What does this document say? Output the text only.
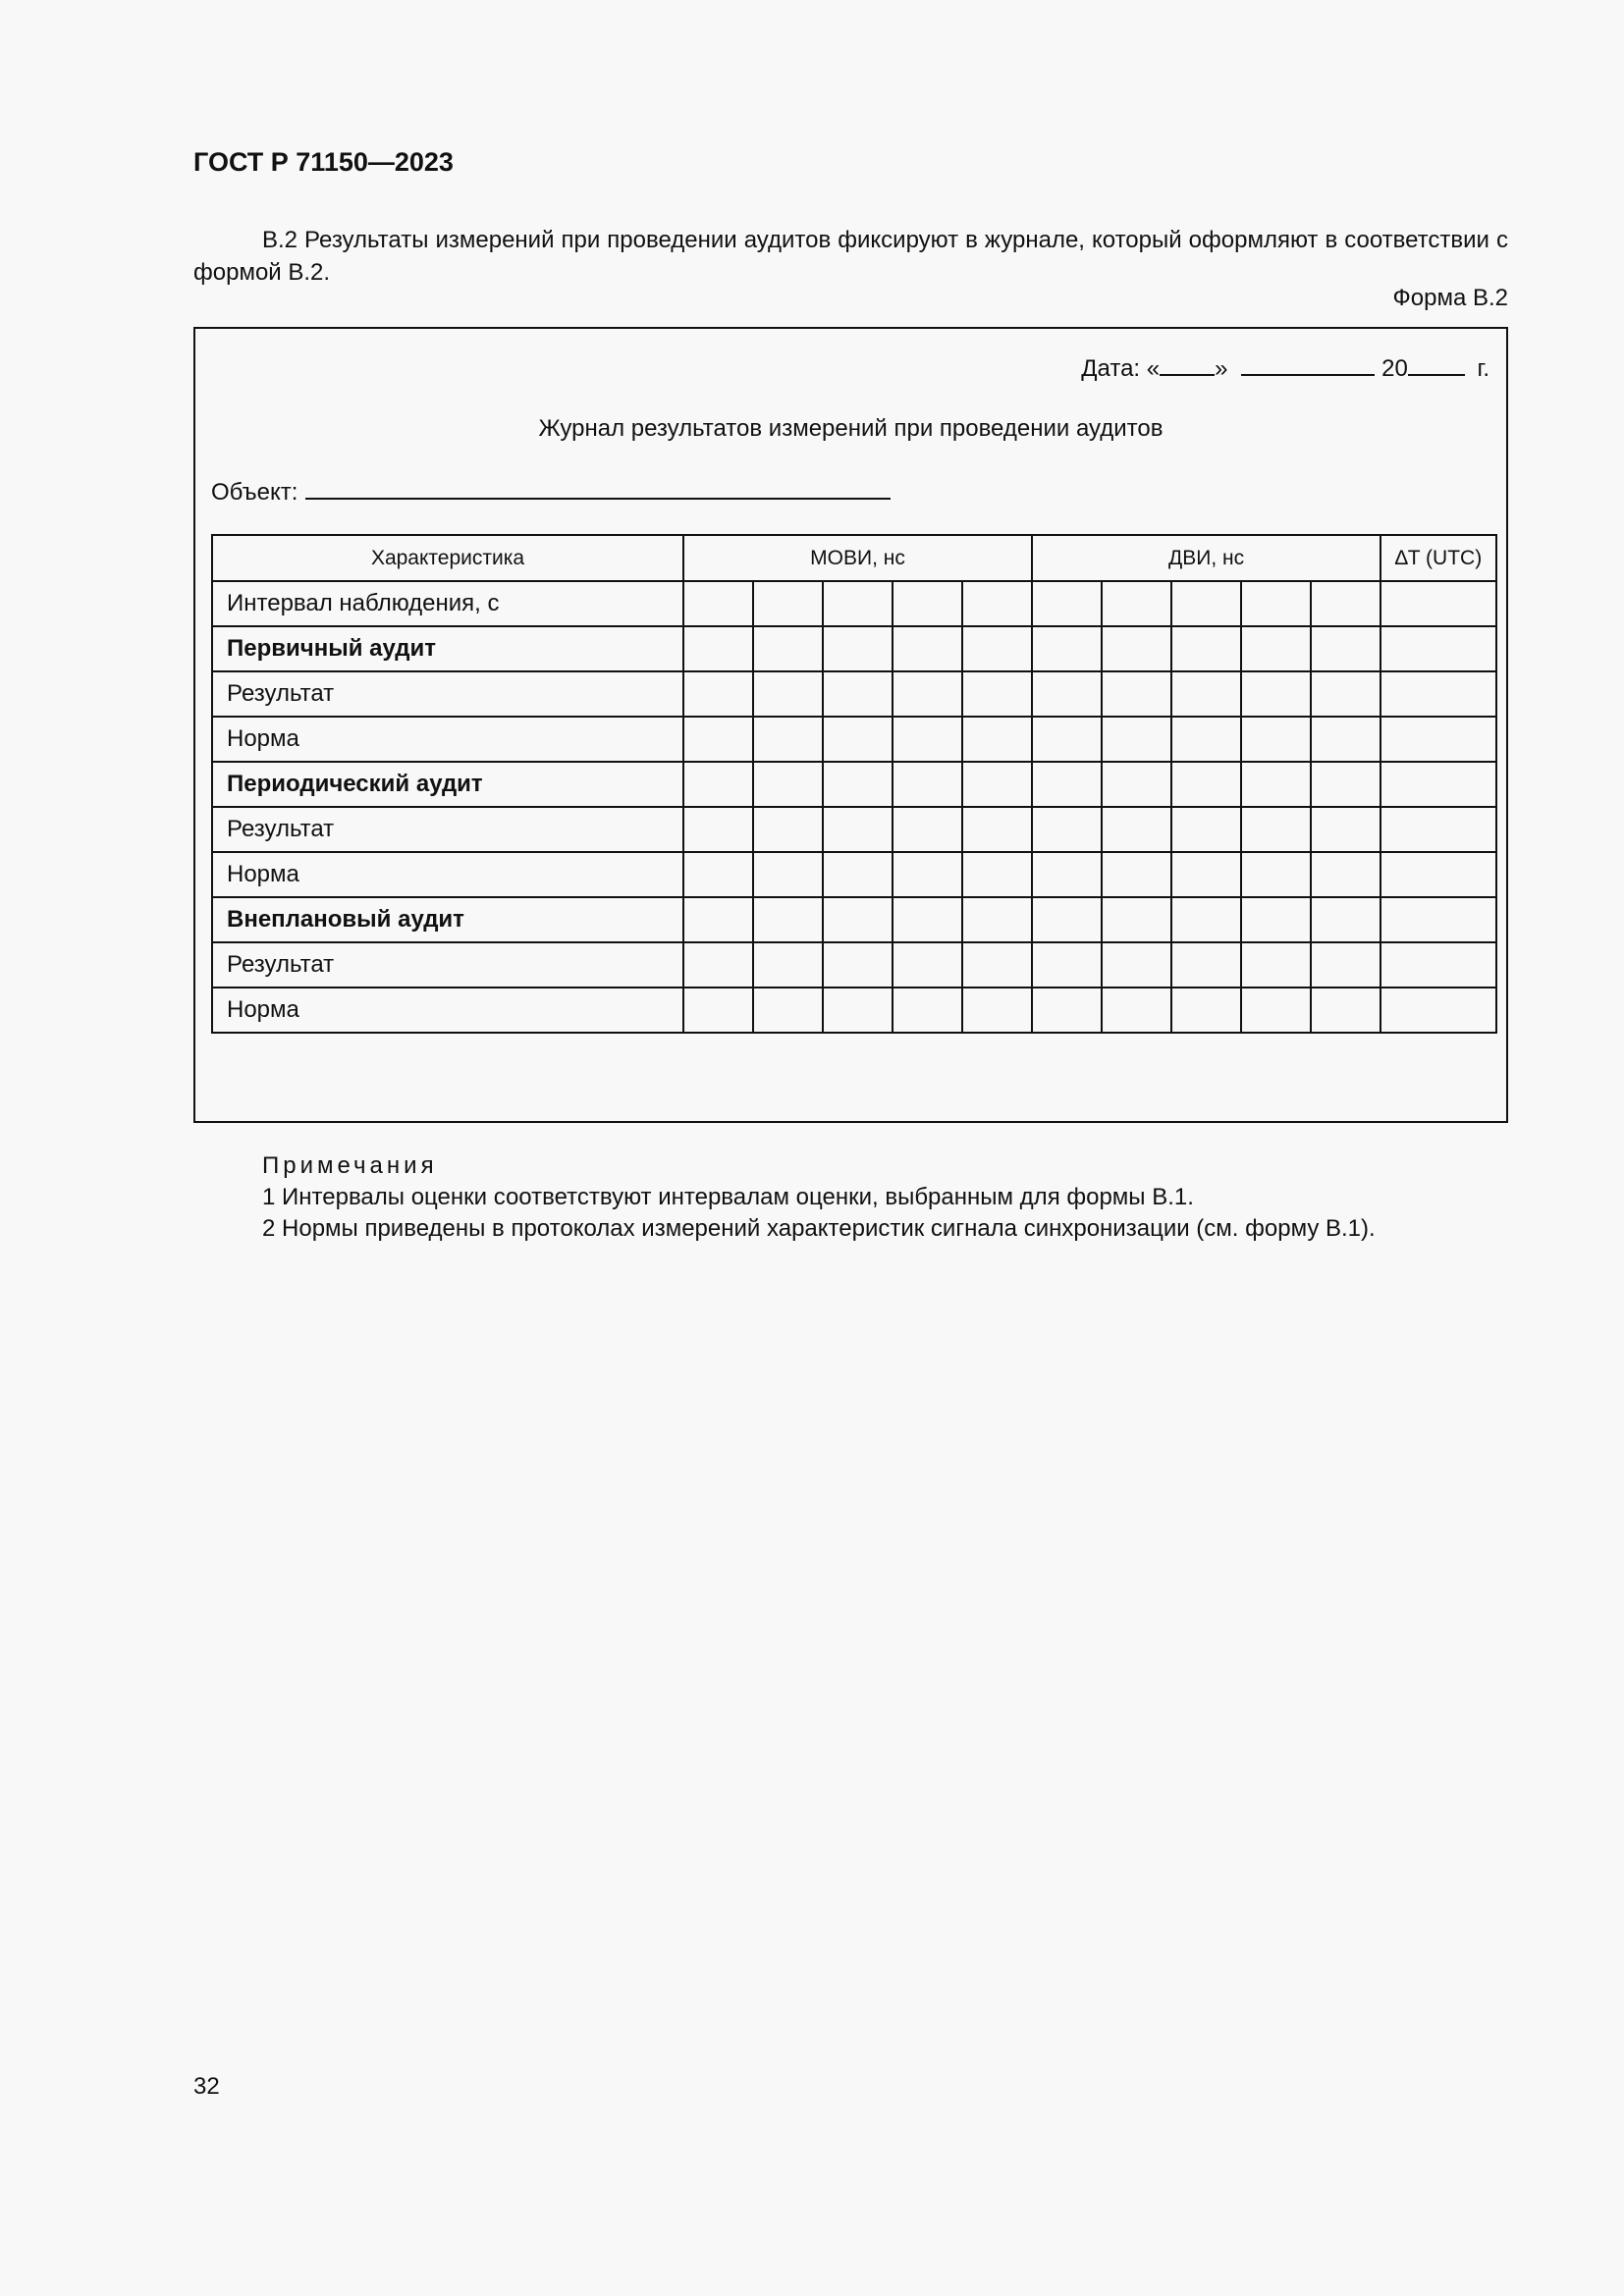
ГОСТ Р 71150—2023
В.2 Результаты измерений при проведении аудитов фиксируют в журнале, который оформляют в соответствии с формой В.2.
Форма В.2
Дата: « »	20	г.
Журнал результатов измерений при проведении аудитов
Объект:
Характеристика	МОВИ, нс					ДВИ, нс					∆T (UTC)
Интервал наблюдения, с											
Первичный аудит											
Результат											
Норма											
Периодический аудит											
Результат											
Норма											
Внеплановый аудит											
Результат											
Норма											
Примечания
1 Интервалы оценки соответствуют интервалам оценки, выбранным для формы В.1.
2 Нормы приведены в протоколах измерений характеристик сигнала синхронизации (см. форму В.1).
32
